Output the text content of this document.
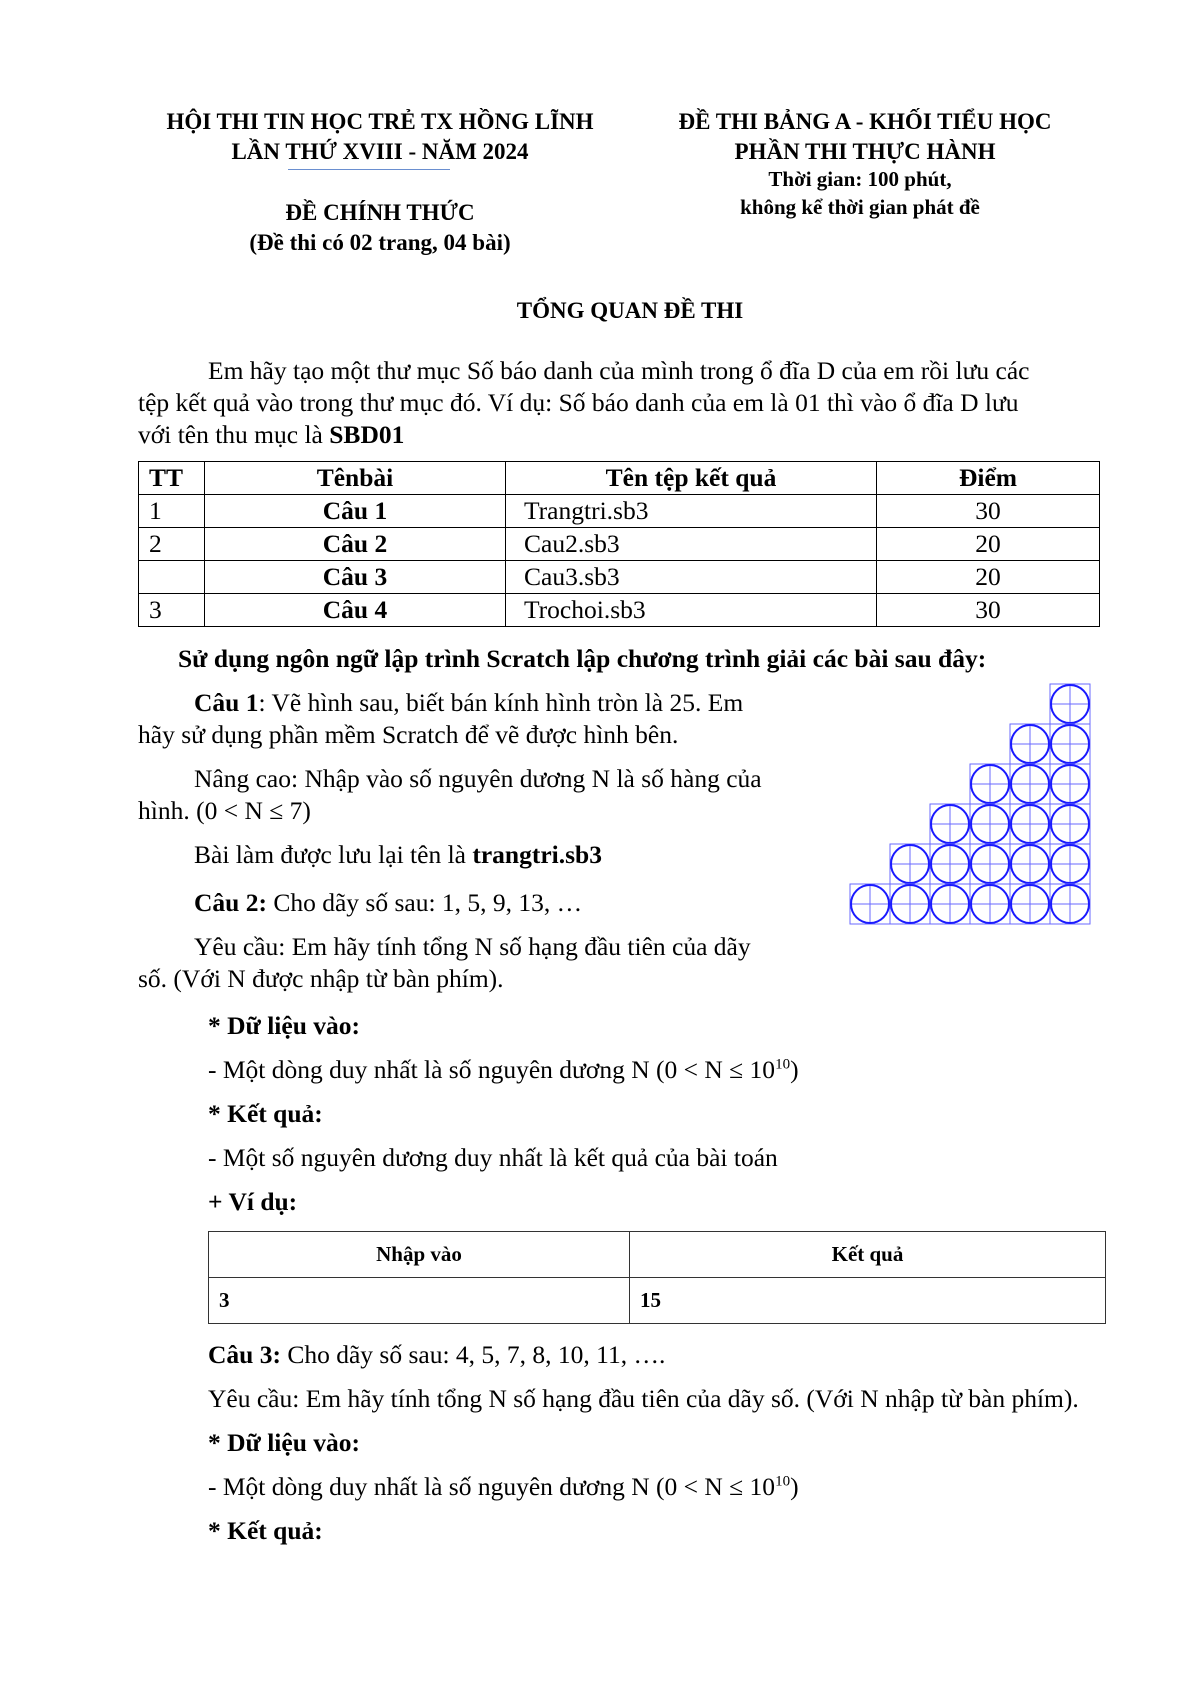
HỘI THI TIN HỌC TRẺ TX HỒNG LĨNH
LẦN THỨ XVIII - NĂM 2024
ĐỀ CHÍNH THỨC
(Đề thi có 02 trang, 04 bài)
ĐỀ THI BẢNG A - KHỐI TIỂU HỌC
PHẦN THI THỰC HÀNH
Thời gian: 100 phút,
không kể thời gian phát đề
TỔNG QUAN ĐỀ THI
Em hãy tạo một thư mục Số báo danh của mình trong ổ đĩa D của em rồi lưu các
tệp kết quả vào trong thư mục đó. Ví dụ: Số báo danh của em là 01 thì vào ổ đĩa D lưu
với tên thu mục là SBD01
TT	Tênbài	Tên tệp kết quả	Điểm
1	Câu 1	Trangtri.sb3	30
2	Câu 2	Cau2.sb3	20
	Câu 3	Cau3.sb3	20
3	Câu 4	Trochoi.sb3	30
Sử dụng ngôn ngữ lập trình Scratch lập chương trình giải các bài sau đây:
Câu 1: Vẽ hình sau, biết bán kính hình tròn là 25. Em
hãy sử dụng phần mềm Scratch để vẽ được hình bên.
Nâng cao: Nhập vào số nguyên dương N là số hàng của
hình. (0 < N ≤ 7)
Bài làm được lưu lại tên là trangtri.sb3
Câu 2: Cho dãy số sau: 1, 5, 9, 13, …
Yêu cầu: Em hãy tính tổng N số hạng đầu tiên của dãy
số. (Với N được nhập từ bàn phím).
* Dữ liệu vào:
- Một dòng duy nhất là số nguyên dương N $(0 < N \le 10^{10})$
* Kết quả:
- Một số nguyên dương duy nhất là kết quả của bài toán
+ Ví dụ:
Nhập vào	Kết quả
3	15
Câu 3: Cho dãy số sau: 4, 5, 7, 8, 10, 11, ….
Yêu cầu: Em hãy tính tổng N số hạng đầu tiên của dãy số. (Với N nhập từ bàn phím).
* Dữ liệu vào:
- Một dòng duy nhất là số nguyên dương N $(0 < N \le 10^{10})$
* Kết quả:
